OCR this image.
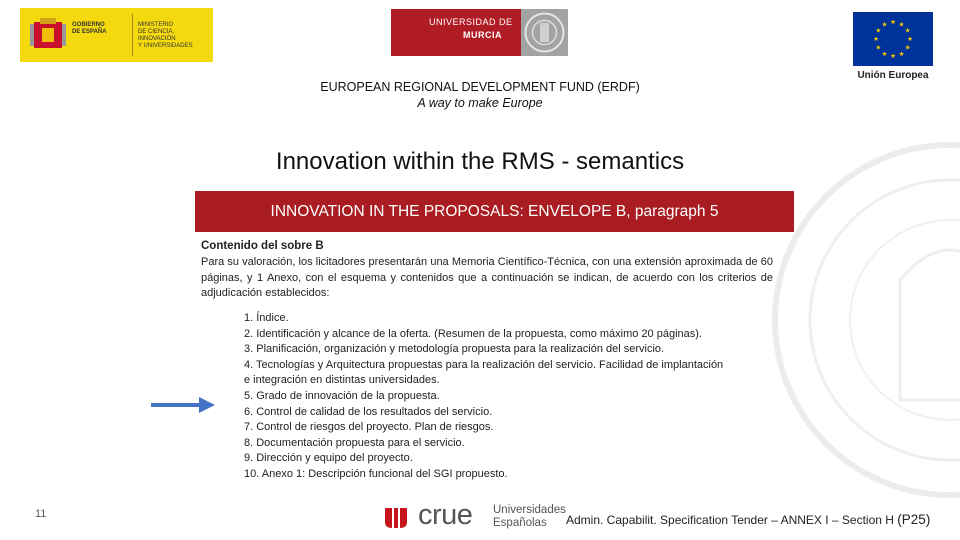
GOBIERNO
DE ESPAÑA
MINISTERIO
DE CIENCIA, INNOVACIÓN
Y UNIVERSIDADES
UNIVERSIDAD DE
MURCIA
★ ★
★
★
★
★
★
★
★
★
★
★
Unión Europea
EUROPEAN REGIONAL DEVELOPMENT FUND (ERDF)
A way to make Europe
Innovation within the RMS - semantics
INNOVATION IN THE PROPOSALS: ENVELOPE B, paragraph 5
Contenido del sobre B
Para su valoración, los licitadores presentarán una Memoria Científico-Técnica, con una extensión aproximada de 60 páginas, y 1 Anexo, con el esquema y contenidos que a continuación se indican, de acuerdo con los criterios de adjudicación establecidos:
1. Índice.
2. Identificación y alcance de la oferta. (Resumen de la propuesta, como máximo 20 páginas).
3. Planificación, organización y metodología propuesta para la realización del servicio.
4. Tecnologías y Arquitectura propuestas para la realización del servicio. Facilidad de implantación
e integración en distintas universidades.
5. Grado de innovación de la propuesta.
6. Control de calidad de los resultados del servicio.
7. Control de riesgos del proyecto. Plan de riesgos.
8. Documentación propuesta para el servicio.
9. Dirección y equipo del proyecto.
10. Anexo 1: Descripción funcional del SGI propuesto.
11	crue Universidades
Españolas Admin. Capabilit. Specification Tender – ANNEX I – Section H (P25)
